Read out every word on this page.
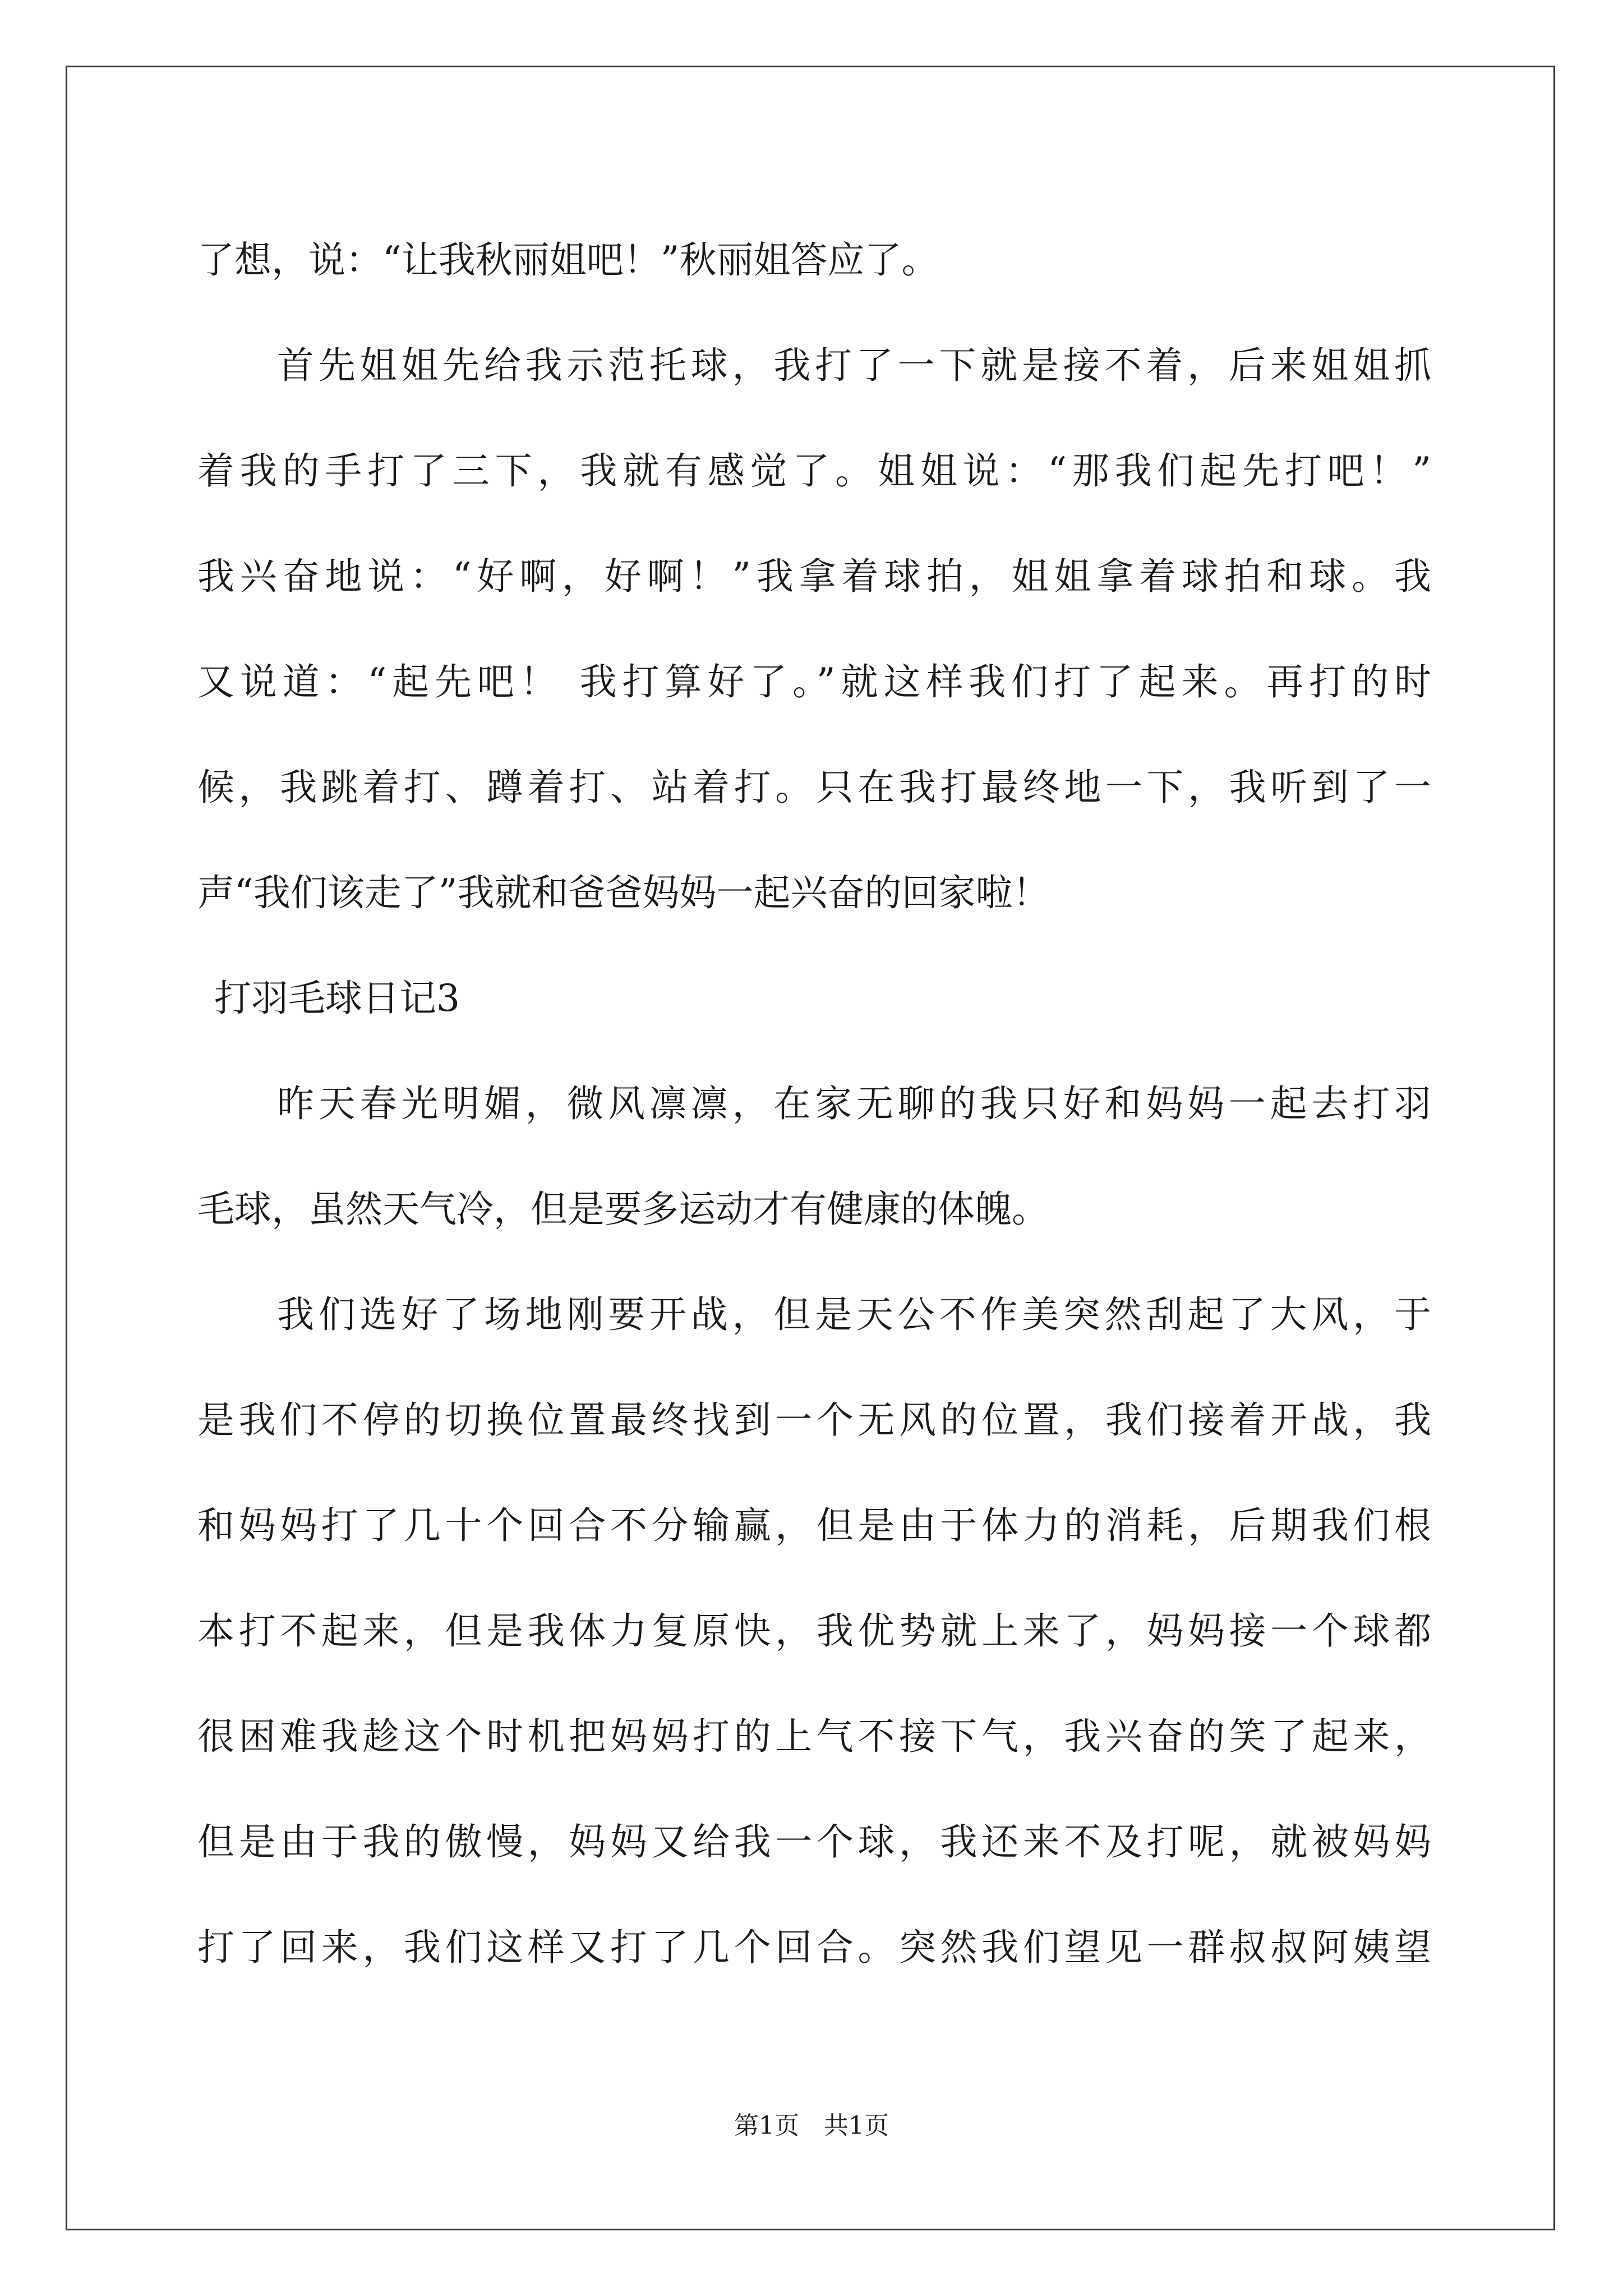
了想，说：“让我秋丽姐吧！”秋丽姐答应了。

首先姐姐先给我示范托球，我打了一下就是接不着，后来姐姐抓

着我的手打了三下，我就有感觉了。姐姐说：“那我们起先打吧！”

我兴奋地说：“好啊，好啊！”我拿着球拍，姐姐拿着球拍和球。我

又说道：“起先吧！ 我打算好了。”就这样我们打了起来。再打的时

候，我跳着打、蹲着打、站着打。只在我打最终地一下，我听到了一

声“我们该走了”我就和爸爸妈妈一起兴奋的回家啦！

打羽毛球日记3

昨天春光明媚，微风凛凛，在家无聊的我只好和妈妈一起去打羽

毛球，虽然天气冷，但是要多运动才有健康的体魄。

我们选好了场地刚要开战，但是天公不作美突然刮起了大风，于

是我们不停的切换位置最终找到一个无风的位置，我们接着开战，我

和妈妈打了几十个回合不分输赢，但是由于体力的消耗，后期我们根

本打不起来，但是我体力复原快，我优势就上来了，妈妈接一个球都

很困难我趁这个时机把妈妈打的上气不接下气，我兴奋的笑了起来，

但是由于我的傲慢，妈妈又给我一个球，我还来不及打呢，就被妈妈

打了回来，我们这样又打了几个回合。突然我们望见一群叔叔阿姨望

第1页　共1页
